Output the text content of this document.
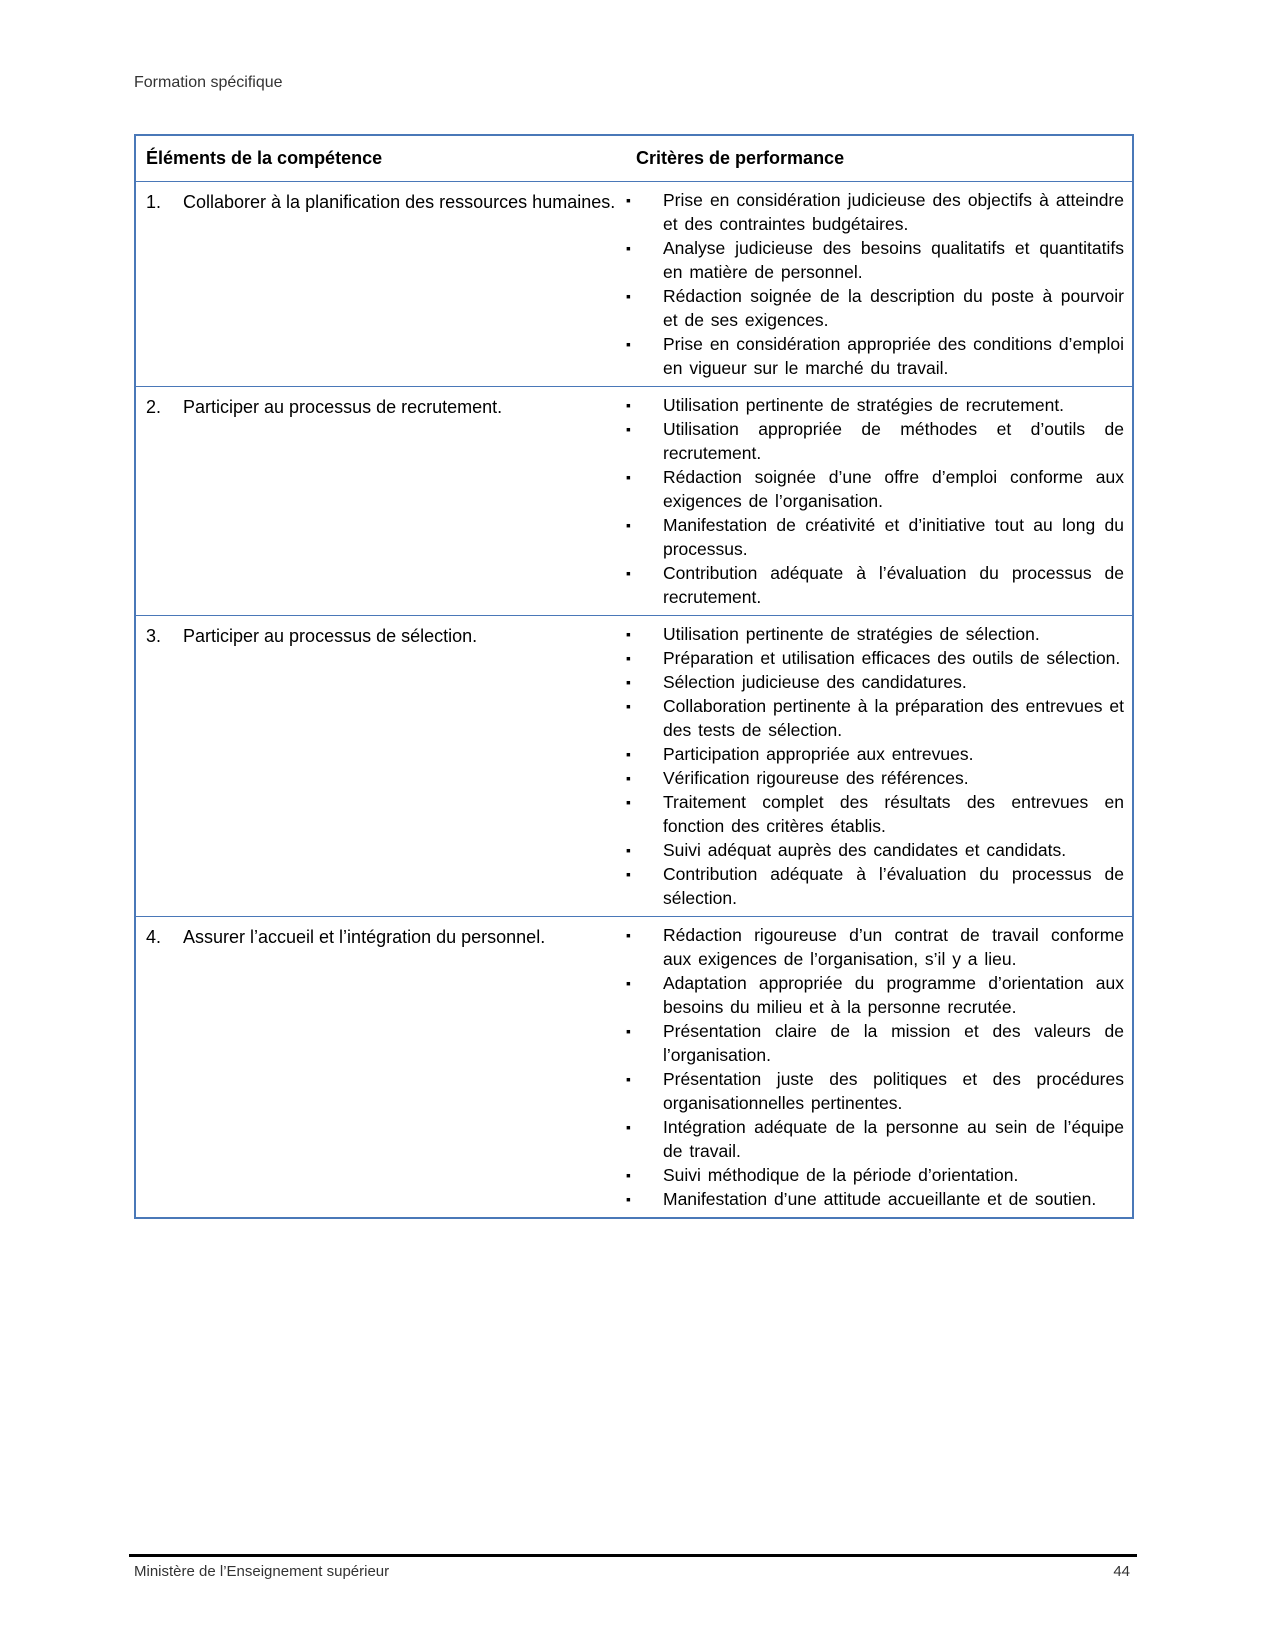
Formation spécifique
Éléments de la compétence	Critères de performance
1.	Collaborer à la planification des ressources humaines. ▪	Prise en considération judicieuse des objectifs à atteindre et des contraintes budgétaires.
▪	Analyse judicieuse des besoins qualitatifs et quantitatifs en matière de personnel.
▪	Rédaction soignée de la description du poste à pourvoir et de ses exigences.
▪	Prise en considération appropriée des conditions d’emploi en vigueur sur le marché du travail.
2.	Participer au processus de recrutement.	▪	Utilisation pertinente de stratégies de recrutement.
▪	Utilisation appropriée de méthodes et d’outils de recrutement.
▪	Rédaction soignée d’une offre d’emploi conforme aux exigences de l’organisation.
▪	Manifestation de créativité et d’initiative tout au long du processus.
▪	Contribution adéquate à l’évaluation du processus de recrutement.
3.	Participer au processus de sélection.	▪	Utilisation pertinente de stratégies de sélection.
▪	Préparation et utilisation efficaces des outils de sélection.
▪	Sélection judicieuse des candidatures.
▪	Collaboration pertinente à la préparation des entrevues et des tests de sélection.
▪	Participation appropriée aux entrevues.
▪	Vérification rigoureuse des références.
▪	Traitement complet des résultats des entrevues en fonction des critères établis.
▪	Suivi adéquat auprès des candidates et candidats.
▪	Contribution adéquate à l’évaluation du processus de sélection.
4.	Assurer l’accueil et l’intégration du personnel.	▪	Rédaction rigoureuse d’un contrat de travail conforme aux exigences de l’organisation, s’il y a lieu.
▪	Adaptation appropriée du programme d’orientation aux besoins du milieu et à la personne recrutée.
▪	Présentation claire de la mission et des valeurs de l’organisation.
▪	Présentation juste des politiques et des procédures organisationnelles pertinentes.
▪	Intégration adéquate de la personne au sein de l’équipe de travail.
▪	Suivi méthodique de la période d’orientation.
▪	Manifestation d’une attitude accueillante et de soutien.
Ministère de l’Enseignement supérieur	44
